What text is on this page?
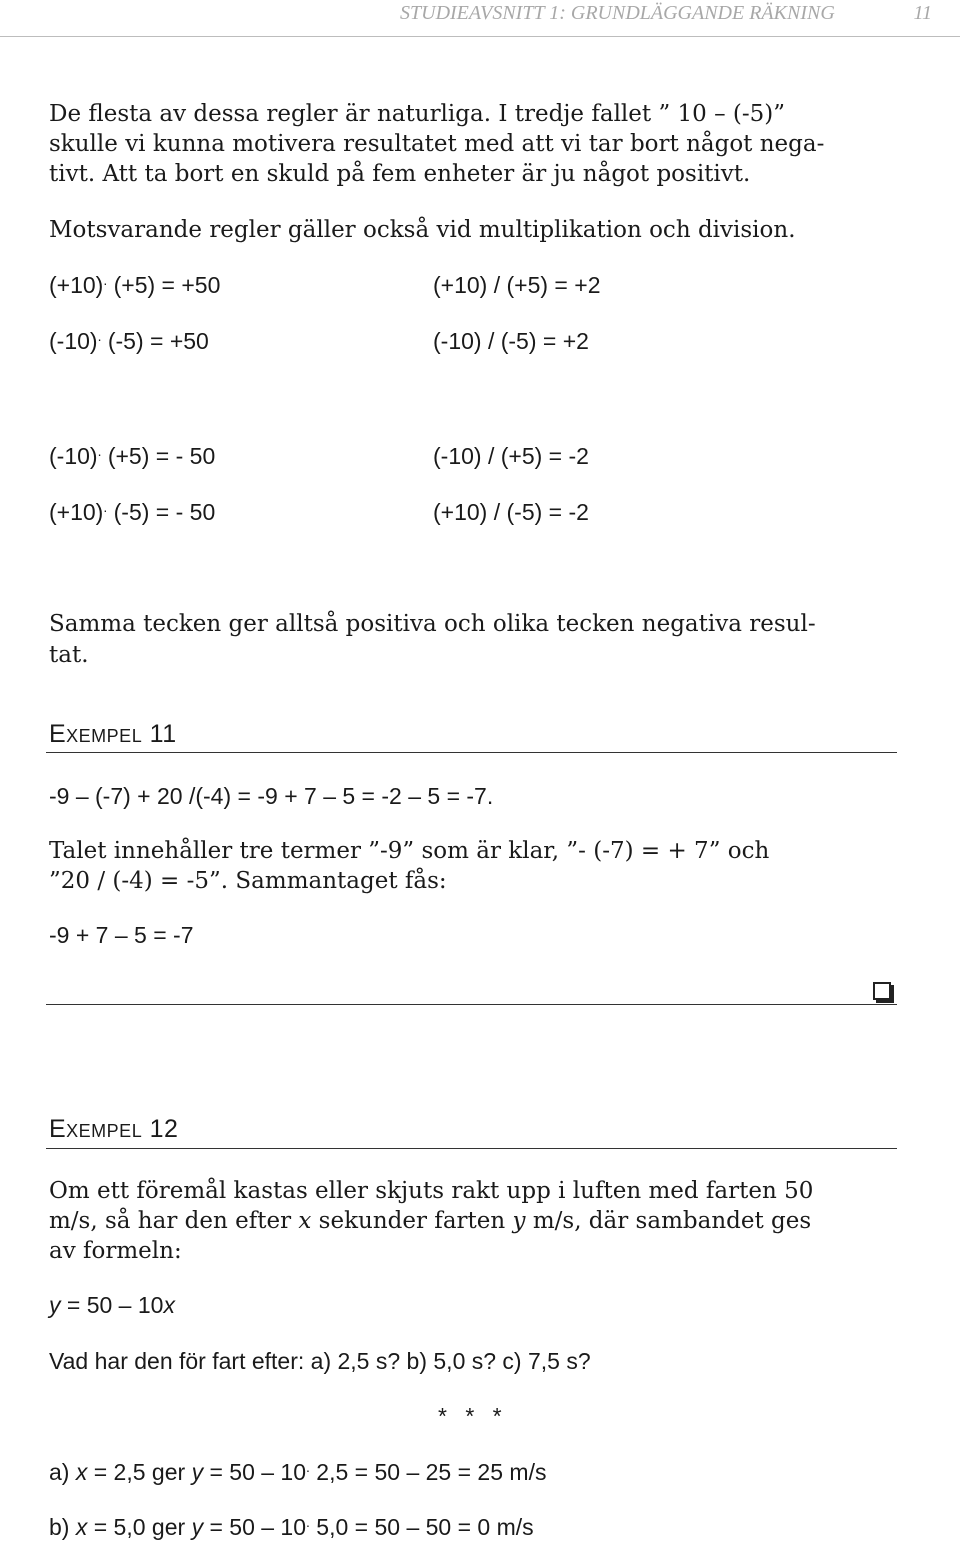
STUDIEAVSNITT 1: GRUNDLÄGGANDE RÄKNING	11
De flesta av dessa regler är naturliga. I tredje fallet ” 10 – (-5)”
skulle vi kunna motivera resultatet med att vi tar bort något nega-
tivt. Att ta bort en skuld på fem enheter är ju något positivt.
Motsvarande regler gäller också vid multiplikation och division.
(+10). (+5) = +50	(+10) / (+5) = +2
(-10). (-5) = +50	(-10) / (-5) = +2
(-10). (+5) = - 50	(-10) / (+5) = -2
(+10). (-5) = - 50	(+10) / (-5) = -2
Samma tecken ger alltså positiva och olika tecken negativa resul-
tat.
Exempel 11
-9 – (-7) + 20 /(-4) = -9 + 7 – 5 = -2 – 5 = -7.
Talet innehåller tre termer ”-9” som är klar, ”- (-7) = + 7” och
”20 / (-4) = -5”. Sammantaget fås:
-9 + 7 – 5 = -7
Exempel 12
Om ett föremål kastas eller skjuts rakt upp i luften med farten 50
m/s, så har den efter x sekunder farten y m/s, där sambandet ges
av formeln:
y = 50 – 10x
Vad har den för fart efter: a) 2,5 s? b) 5,0 s? c) 7,5 s?
* * *
a) x = 2,5 ger y = 50 – 10. 2,5 = 50 – 25 = 25 m/s
b) x = 5,0 ger y = 50 – 10. 5,0 = 50 – 50 = 0 m/s
